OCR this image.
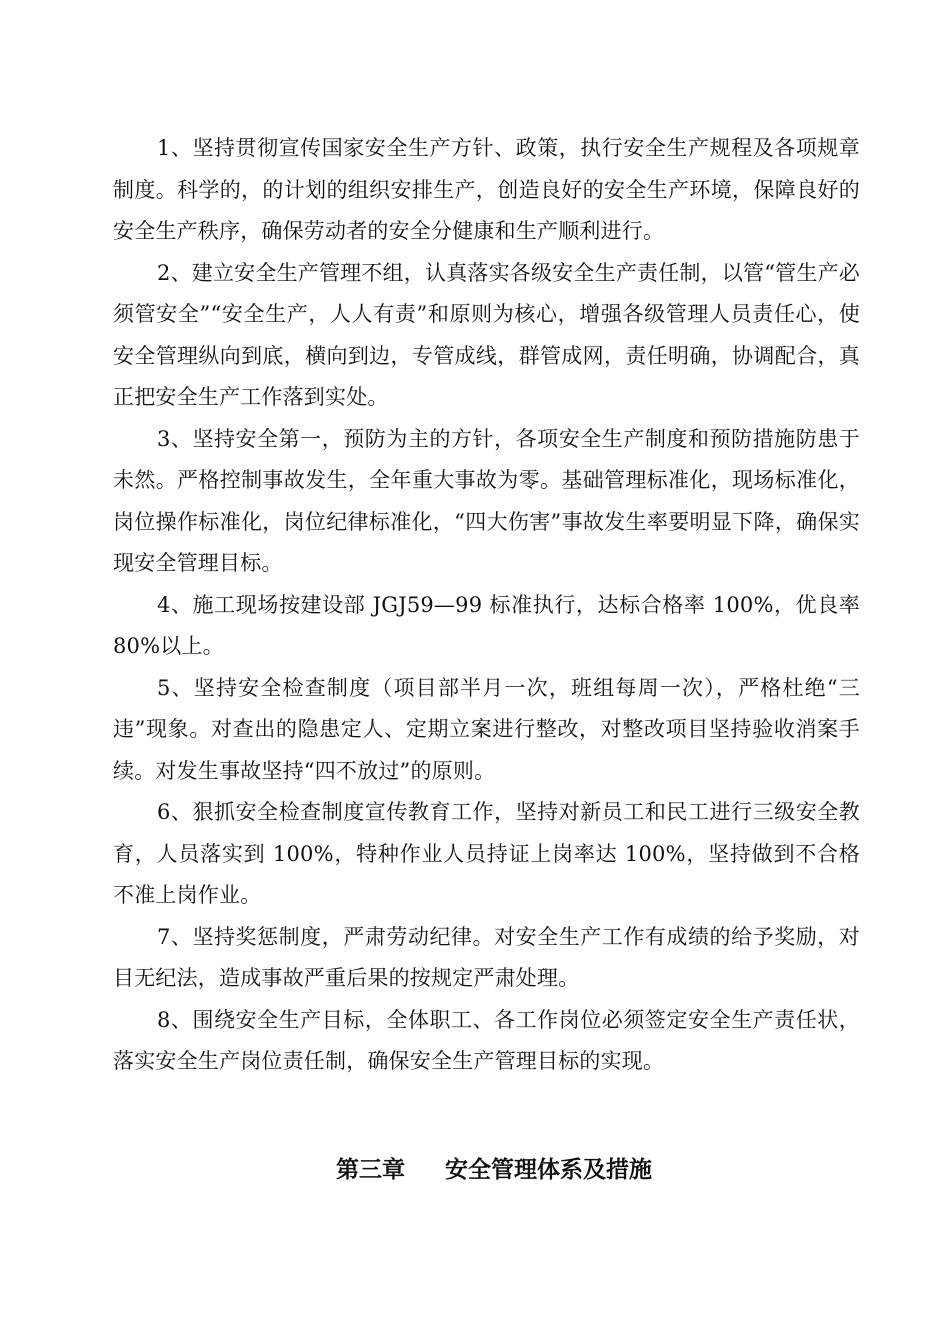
1、坚持贯彻宣传国家安全生产方针、政策，执行安全生产规程及各项规章制度。科学的，的计划的组织安排生产，创造良好的安全生产环境，保障良好的安全生产秩序，确保劳动者的安全分健康和生产顺利进行。

2、建立安全生产管理不组，认真落实各级安全生产责任制，以管“管生产必须管安全”“安全生产，人人有责”和原则为核心，增强各级管理人员责任心，使安全管理纵向到底，横向到边，专管成线，群管成网，责任明确，协调配合，真正把安全生产工作落到实处。

3、坚持安全第一，预防为主的方针，各项安全生产制度和预防措施防患于未然。严格控制事故发生，全年重大事故为零。基础管理标准化，现场标准化，岗位操作标准化，岗位纪律标准化，“四大伤害”事故发生率要明显下降，确保实现安全管理目标。

4、施工现场按建设部 JGJ59—99 标准执行，达标合格率 100%，优良率 80%以上。

5、坚持安全检查制度（项目部半月一次，班组每周一次），严格杜绝“三违”现象。对查出的隐患定人、定期立案进行整改，对整改项目坚持验收消案手续。对发生事故坚持“四不放过”的原则。

6、狠抓安全检查制度宣传教育工作，坚持对新员工和民工进行三级安全教育，人员落实到 100%，特种作业人员持证上岗率达 100%，坚持做到不合格不准上岗作业。

7、坚持奖惩制度，严肃劳动纪律。对安全生产工作有成绩的给予奖励，对目无纪法，造成事故严重后果的按规定严肃处理。

8、围绕安全生产目标，全体职工、各工作岗位必须签定安全生产责任状，落实安全生产岗位责任制，确保安全生产管理目标的实现。

第三章 安全管理体系及措施
